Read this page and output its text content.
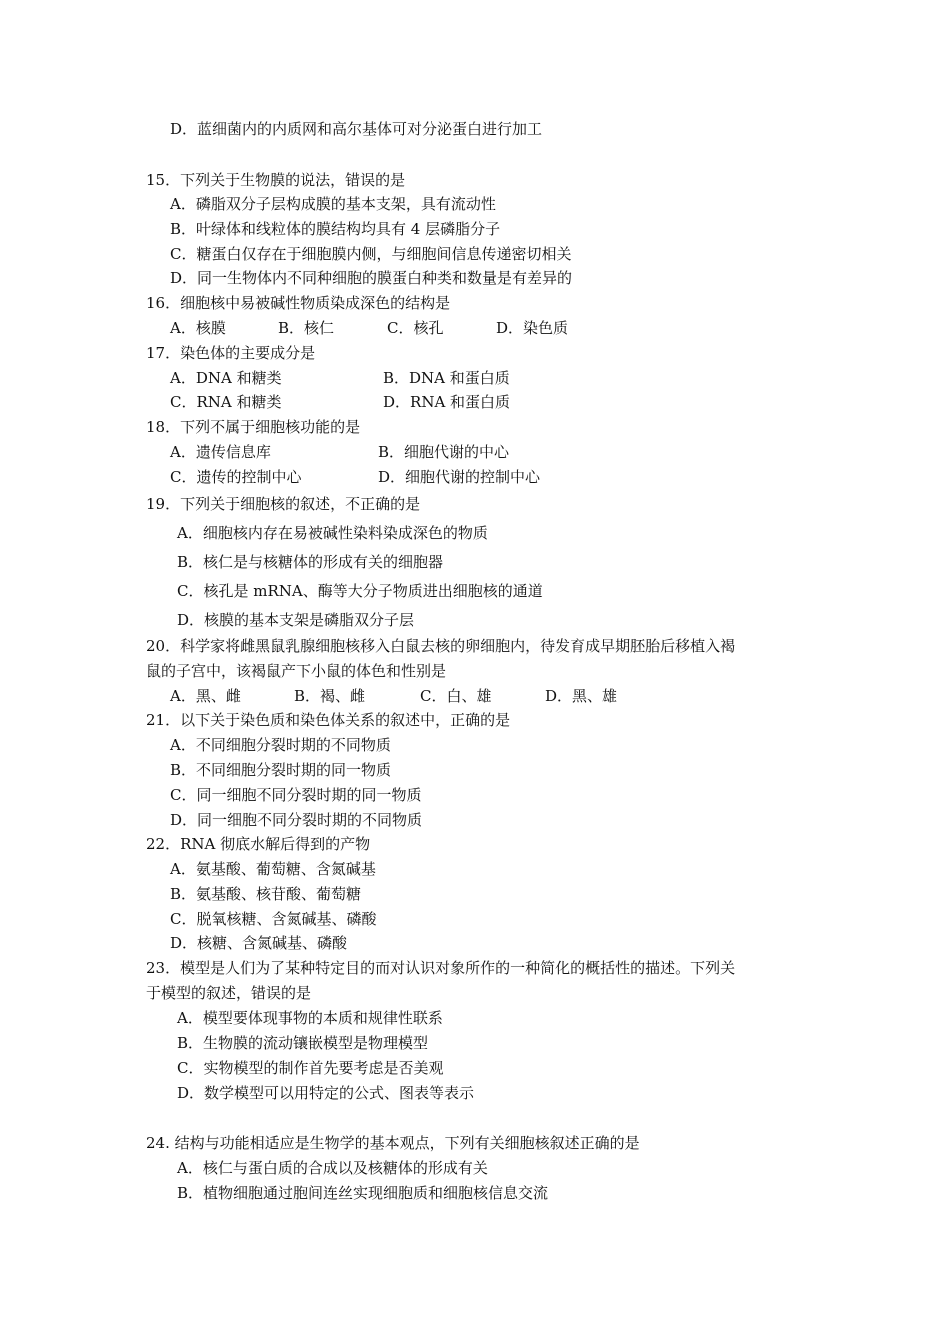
D．蓝细菌内的内质网和高尔基体可对分泌蛋白进行加工
15．下列关于生物膜的说法，错误的是
A．磷脂双分子层构成膜的基本支架，具有流动性
B．叶绿体和线粒体的膜结构均具有 4 层磷脂分子
C．糖蛋白仅存在于细胞膜内侧，与细胞间信息传递密切相关
D．同一生物体内不同种细胞的膜蛋白种类和数量是有差异的
16．细胞核中易被碱性物质染成深色的结构是
A．核膜	B．核仁	C．核孔	D．染色质
17．染色体的主要成分是
A．DNA 和糖类	B．DNA 和蛋白质
C．RNA 和糖类	D．RNA 和蛋白质
18．下列不属于细胞核功能的是
A．遗传信息库	B．细胞代谢的中心
C．遗传的控制中心	D．细胞代谢的控制中心
19．下列关于细胞核的叙述，不正确的是
A．细胞核内存在易被碱性染料染成深色的物质
B．核仁是与核糖体的形成有关的细胞器
C．核孔是 mRNA、酶等大分子物质进出细胞核的通道
D．核膜的基本支架是磷脂双分子层
20．科学家将雌黑鼠乳腺细胞核移入白鼠去核的卵细胞内，待发育成早期胚胎后移植入褐
鼠的子宫中，该褐鼠产下小鼠的体色和性别是
A．黑、雌	B．褐、雌	C．白、雄	D．黑、雄
21．以下关于染色质和染色体关系的叙述中，正确的是
A．不同细胞分裂时期的不同物质
B．不同细胞分裂时期的同一物质
C．同一细胞不同分裂时期的同一物质
D．同一细胞不同分裂时期的不同物质
22．RNA 彻底水解后得到的产物
A．氨基酸、葡萄糖、含氮碱基
B．氨基酸、核苷酸、葡萄糖
C．脱氧核糖、含氮碱基、磷酸
D．核糖、含氮碱基、磷酸
23．模型是人们为了某种特定目的而对认识对象所作的一种简化的概括性的描述。下列关
于模型的叙述，错误的是
A．模型要体现事物的本质和规律性联系
B．生物膜的流动镶嵌模型是物理模型
C．实物模型的制作首先要考虑是否美观
D．数学模型可以用特定的公式、图表等表示
24. 结构与功能相适应是生物学的基本观点，下列有关细胞核叙述正确的是
A．核仁与蛋白质的合成以及核糖体的形成有关
B．植物细胞通过胞间连丝实现细胞质和细胞核信息交流
